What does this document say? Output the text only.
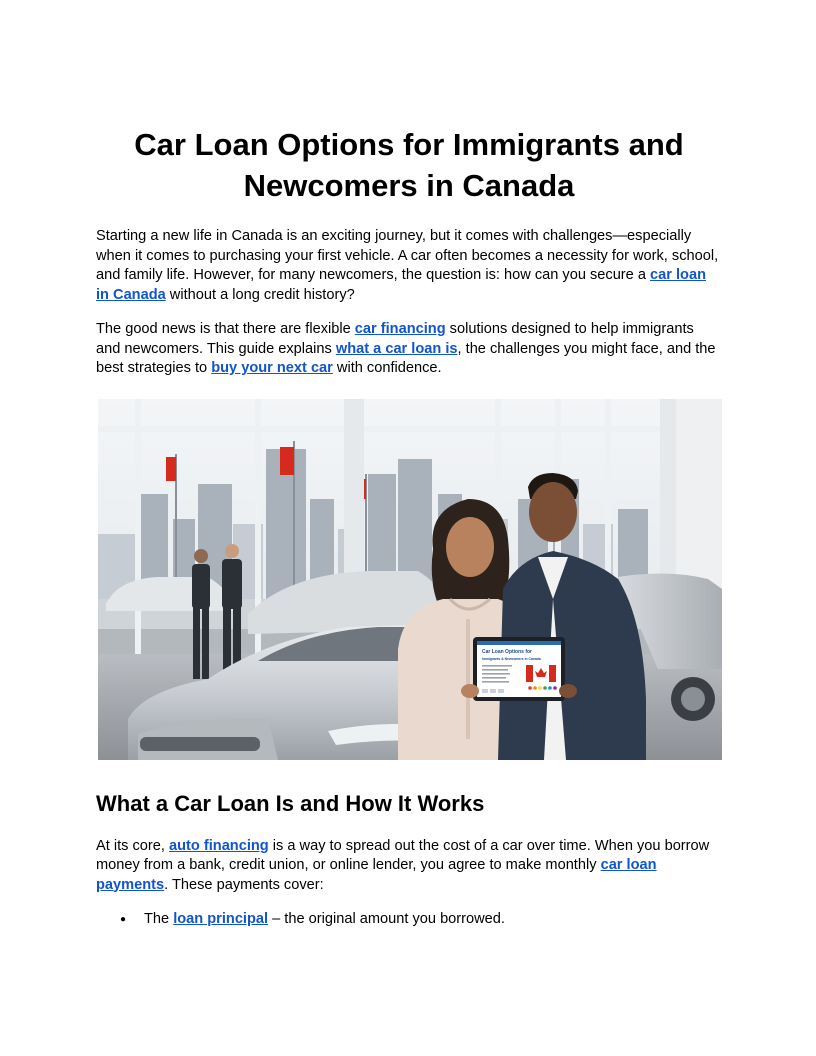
Car Loan Options for Immigrants and Newcomers in Canada

Starting a new life in Canada is an exciting journey, but it comes with challenges—especially when it comes to purchasing your first vehicle. A car often becomes a necessity for work, school, and family life. However, for many newcomers, the question is: how can you secure a car loan in Canada without a long credit history?

The good news is that there are flexible car financing solutions designed to help immigrants and newcomers. This guide explains what a car loan is, the challenges you might face, and the best strategies to buy your next car with confidence.

Car Loan Options for
Immigrants & Newcomers in Canada
What a Car Loan Is and How It Works

At its core, auto financing is a way to spread out the cost of a car over time. When you borrow money from a bank, credit union, or online lender, you agree to make monthly car loan payments. These payments cover:

● The loan principal – the original amount you borrowed.
